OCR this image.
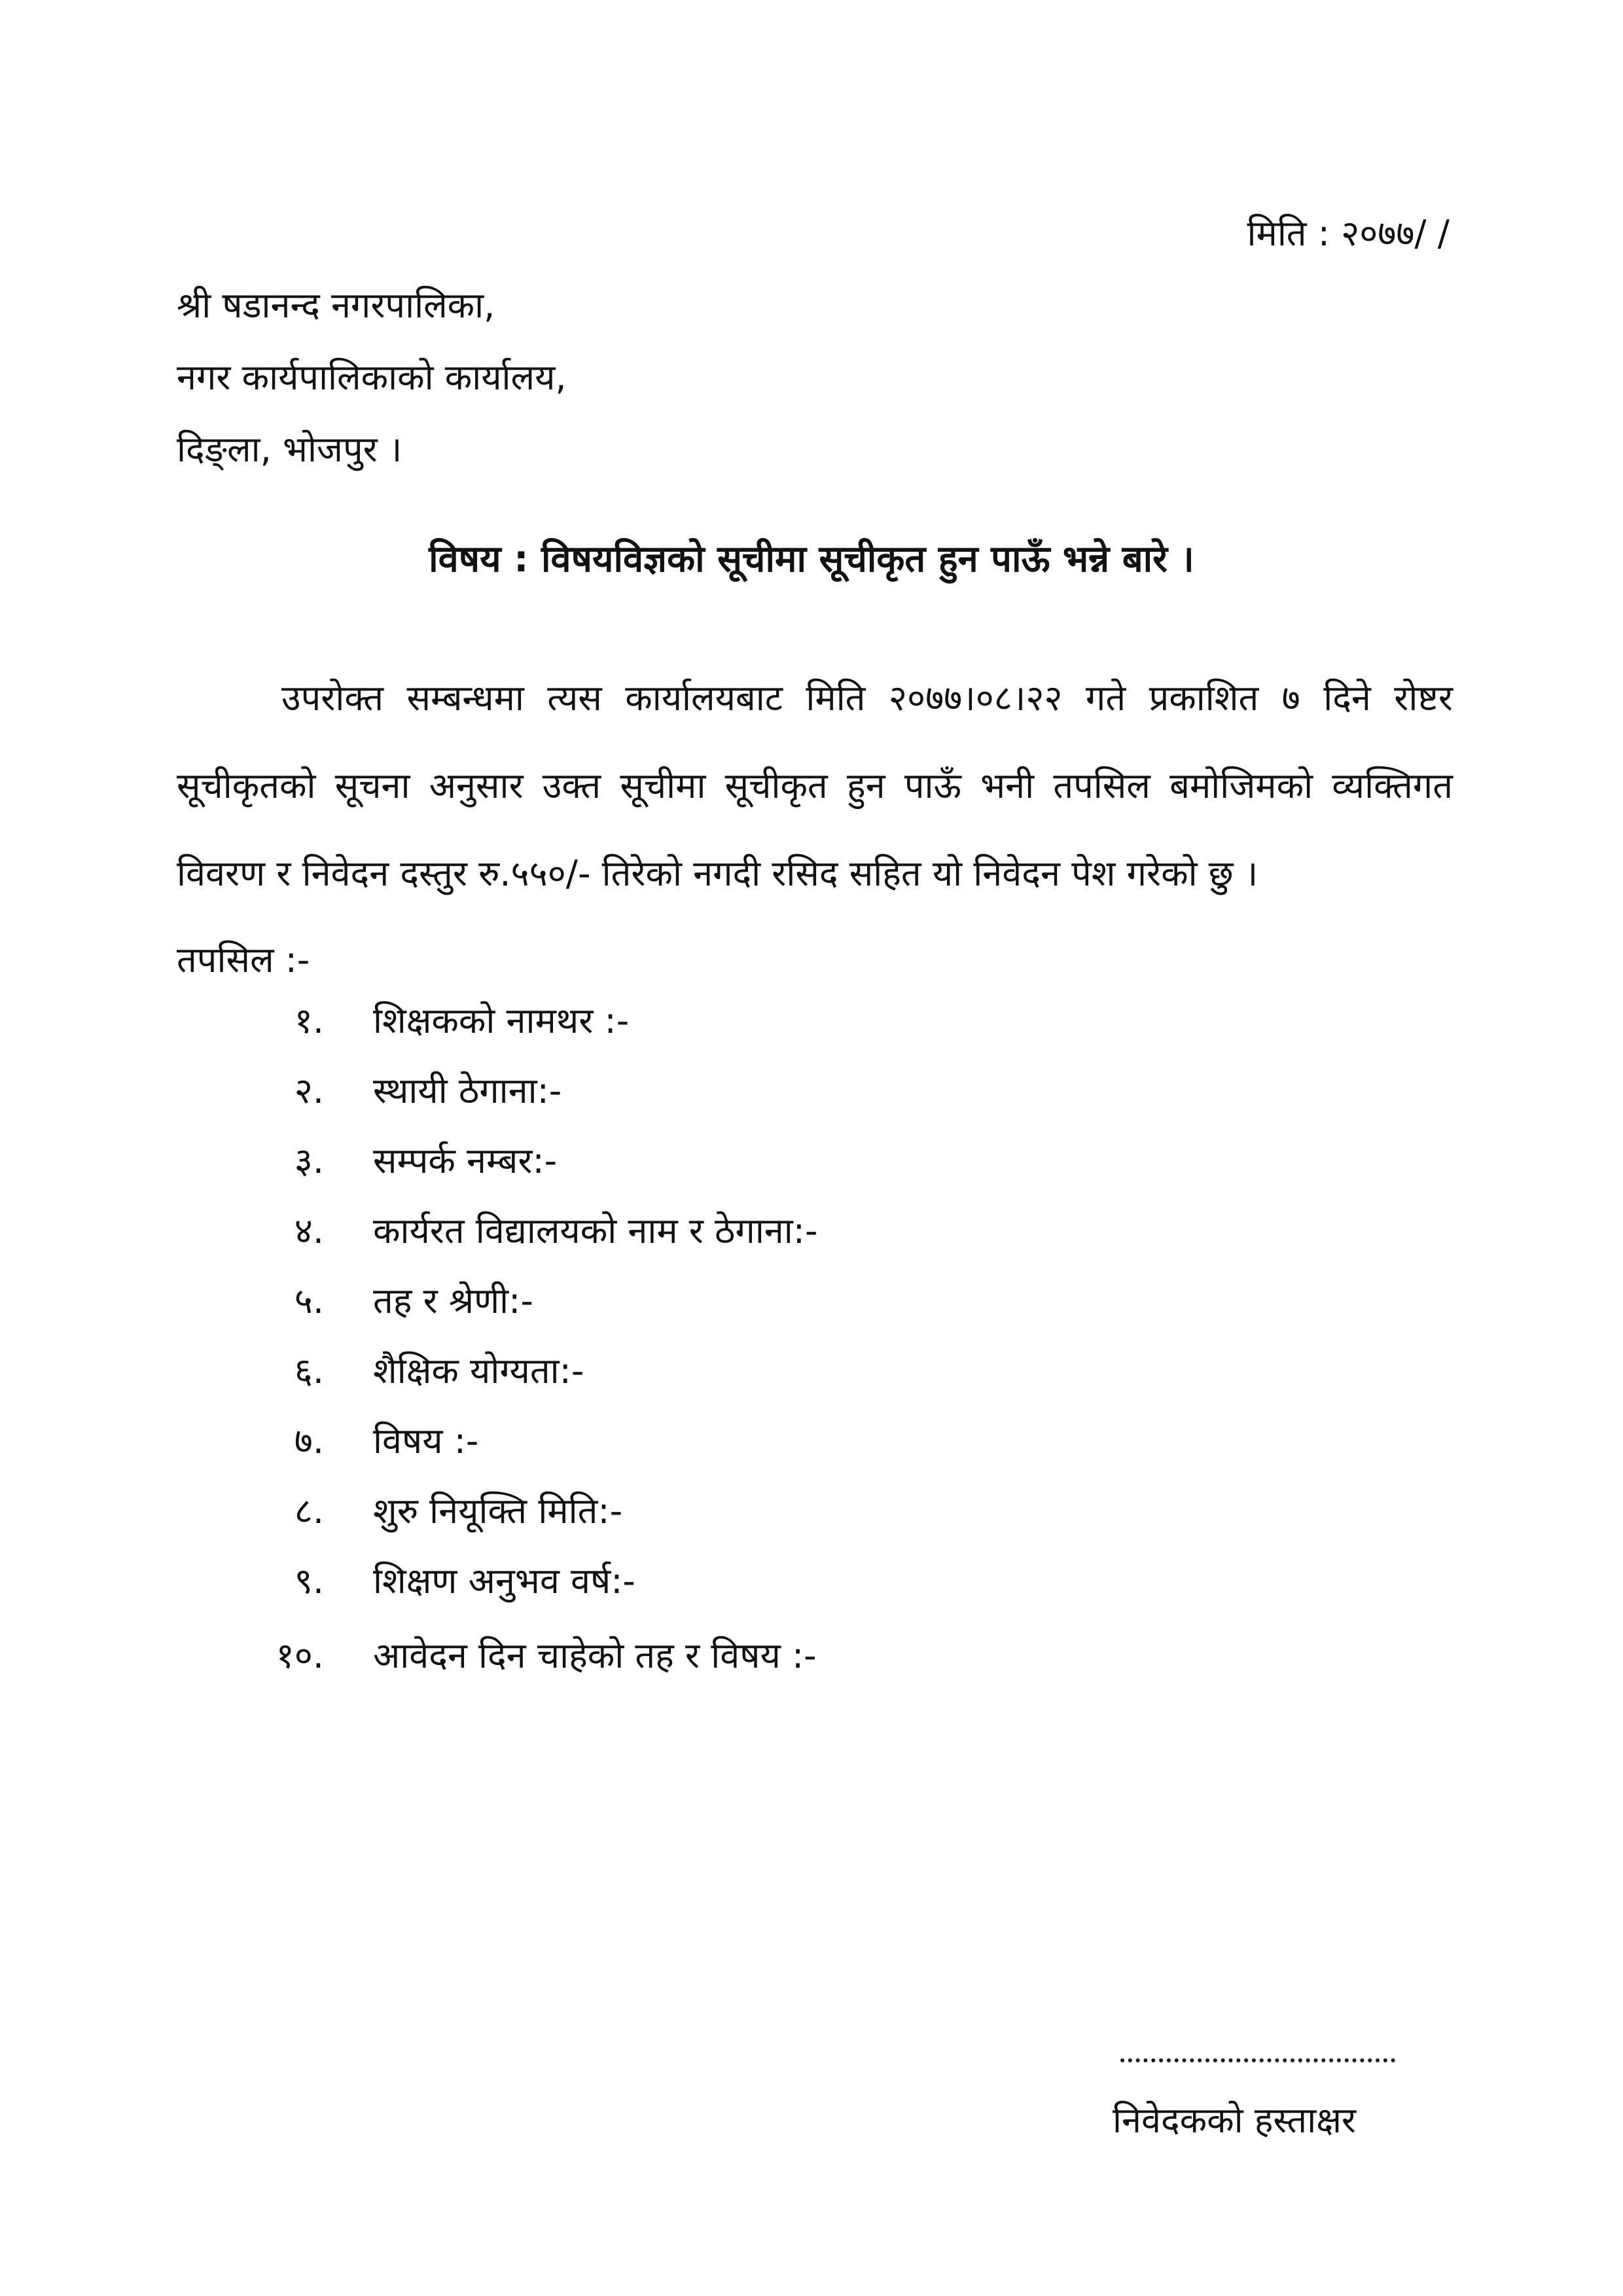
मिति : २०७७/ /
श्री षडानन्द नगरपालिका,
नगर कार्यपालिकाको कार्यालय,
दिङ्ला, भोजपुर ।
विषय : विषयविज्ञको सूचीमा सूचीकृत हुन पाऊँ भन्ने बारे ।
उपरोक्त सम्बन्धमा त्यस कार्यालयबाट मिति २०७७।०८।२२ गते प्रकाशित ७ दिने रोष्टर सूचीकृतको सूचना अनुसार उक्त सूचीमा सूचीकृत हुन पाऊँ भनी तपसिल बमोजिमको व्यक्तिगत विवरण र निवेदन दस्तुर रु.५५०/- तिरेको नगदी रसिद सहित यो निवेदन पेश गरेको छु ।
तपसिल :-
१. शिक्षकको नामथर :-
२. स्थायी ठेगाना:-
३. सम्पर्क नम्बर:-
४. कार्यरत विद्यालयको नाम र ठेगाना:-
५. तह र श्रेणी:-
६. शैक्षिक योग्यता:-
७. विषय :-
८. शुरु नियूक्ति मिति:-
९. शिक्षण अनुभव वर्ष:-
१०. आवेदन दिन चाहेको तह र विषय :-
निवेदकको हस्ताक्षर
